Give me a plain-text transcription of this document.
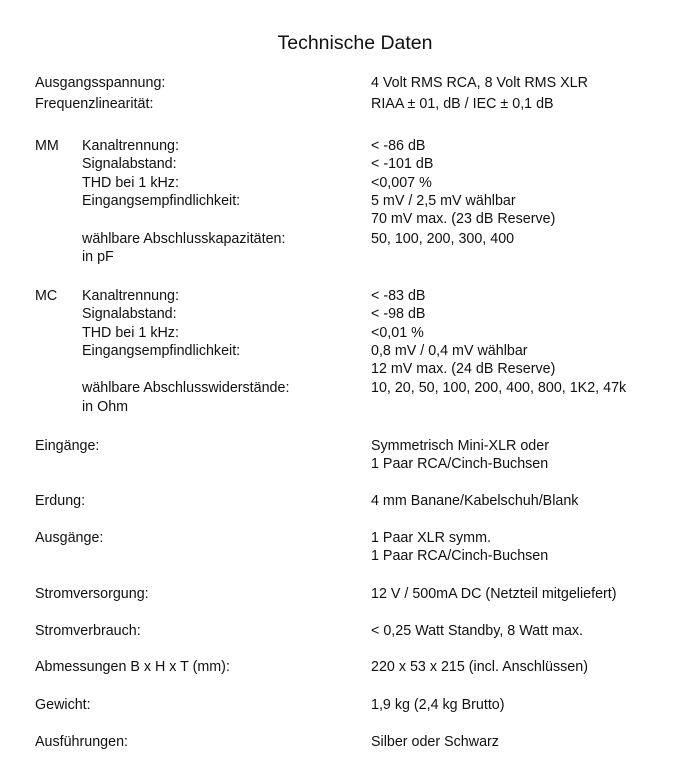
Technische Daten
Ausgangsspannung:	4 Volt RMS RCA, 8 Volt RMS XLR
Frequenzlinearität:	RIAA ± 01, dB / IEC ± 0,1 dB
MM Kanaltrennung:	< -86 dB
Signalabstand:	< -101 dB
THD bei 1 kHz:	<0,007 %
Eingangsempfindlichkeit:	5 mV / 2,5 mV wählbar
70 mV max. (23 dB Reserve)
wählbare Abschlusskapazitäten:	50, 100, 200, 300, 400
in pF
MC Kanaltrennung:	< -83 dB
Signalabstand:	< -98 dB
THD bei 1 kHz:	<0,01 %
Eingangsempfindlichkeit:	0,8 mV / 0,4 mV wählbar
12 mV max. (24 dB Reserve)
wählbare Abschlusswiderstände:	10, 20, 50, 100, 200, 400, 800, 1K2, 47k
in Ohm
Eingänge:	Symmetrisch Mini-XLR oder
1 Paar RCA/Cinch-Buchsen
Erdung:	4 mm Banane/Kabelschuh/Blank
Ausgänge:	1 Paar XLR symm.
1 Paar RCA/Cinch-Buchsen
Stromversorgung:	12 V / 500mA DC (Netzteil mitgeliefert)
Stromverbrauch:	< 0,25 Watt Standby, 8 Watt max.
Abmessungen B x H x T (mm):	220 x 53 x 215 (incl. Anschlüssen)
Gewicht:	1,9 kg (2,4 kg Brutto)
Ausführungen:	Silber oder Schwarz
